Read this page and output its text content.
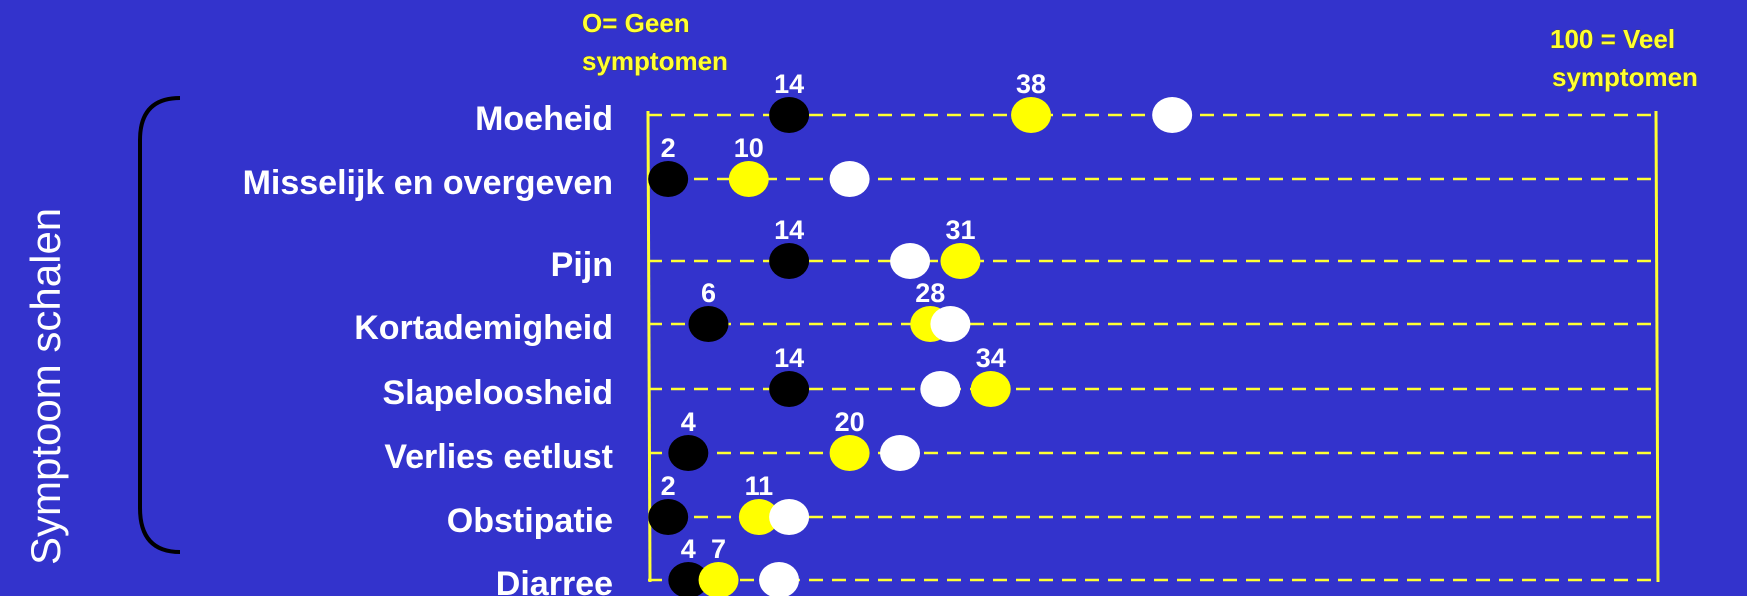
Symptoom schalen
O= Geen
symptomen
100 = Veel
symptomen
Moeheid
Misselijk en overgeven
Pijn
Kortademigheid
Slapeloosheid
Verlies eetlust
Obstipatie
Diarree
14	38
2 10
14	31
6	28
14	34
4	20
2	11
4 7
